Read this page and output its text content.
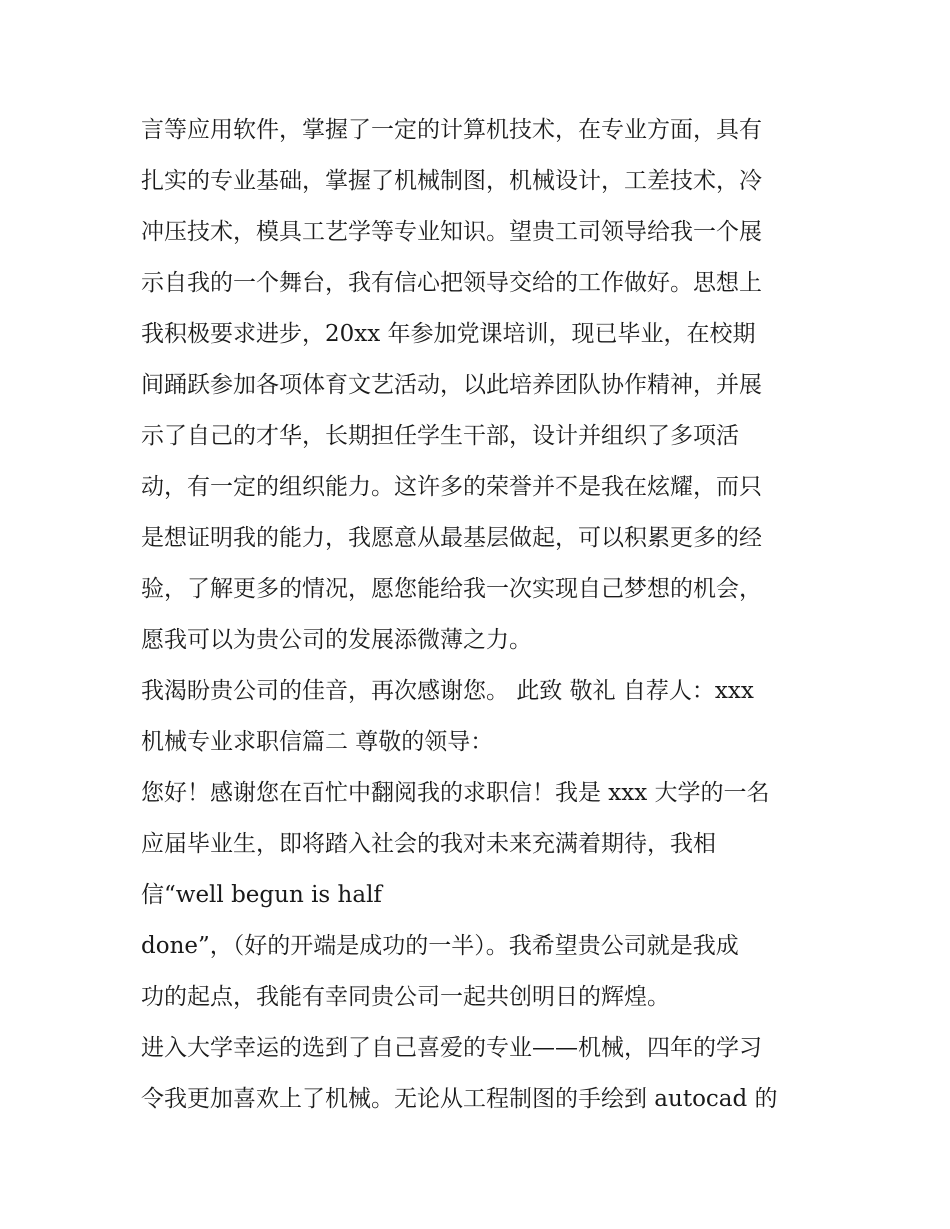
言等应用软件，掌握了一定的计算机技术，在专业方面，具有
扎实的专业基础，掌握了机械制图，机械设计，工差技术，冷
冲压技术，模具工艺学等专业知识。望贵工司领导给我一个展
示自我的一个舞台，我有信心把领导交给的工作做好。思想上
我积极要求进步，20xx 年参加党课培训，现已毕业，在校期
间踊跃参加各项体育文艺活动，以此培养团队协作精神，并展
示了自己的才华，长期担任学生干部，设计并组织了多项活
动，有一定的组织能力。这许多的荣誉并不是我在炫耀，而只
是想证明我的能力，我愿意从最基层做起，可以积累更多的经
验，了解更多的情况，愿您能给我一次实现自己梦想的机会，
愿我可以为贵公司的发展添微薄之力。
我渴盼贵公司的佳音，再次感谢您。 此致 敬礼 自荐人：xxx
机械专业求职信篇二 尊敬的领导：
您好！感谢您在百忙中翻阅我的求职信！我是 xxx 大学的一名
应届毕业生，即将踏入社会的我对未来充满着期待，我相
信“well begun is half
done”，（好的开端是成功的一半）。我希望贵公司就是我成
功的起点，我能有幸同贵公司一起共创明日的辉煌。
进入大学幸运的选到了自己喜爱的专业——机械，四年的学习
令我更加喜欢上了机械。无论从工程制图的手绘到 autocad 的
